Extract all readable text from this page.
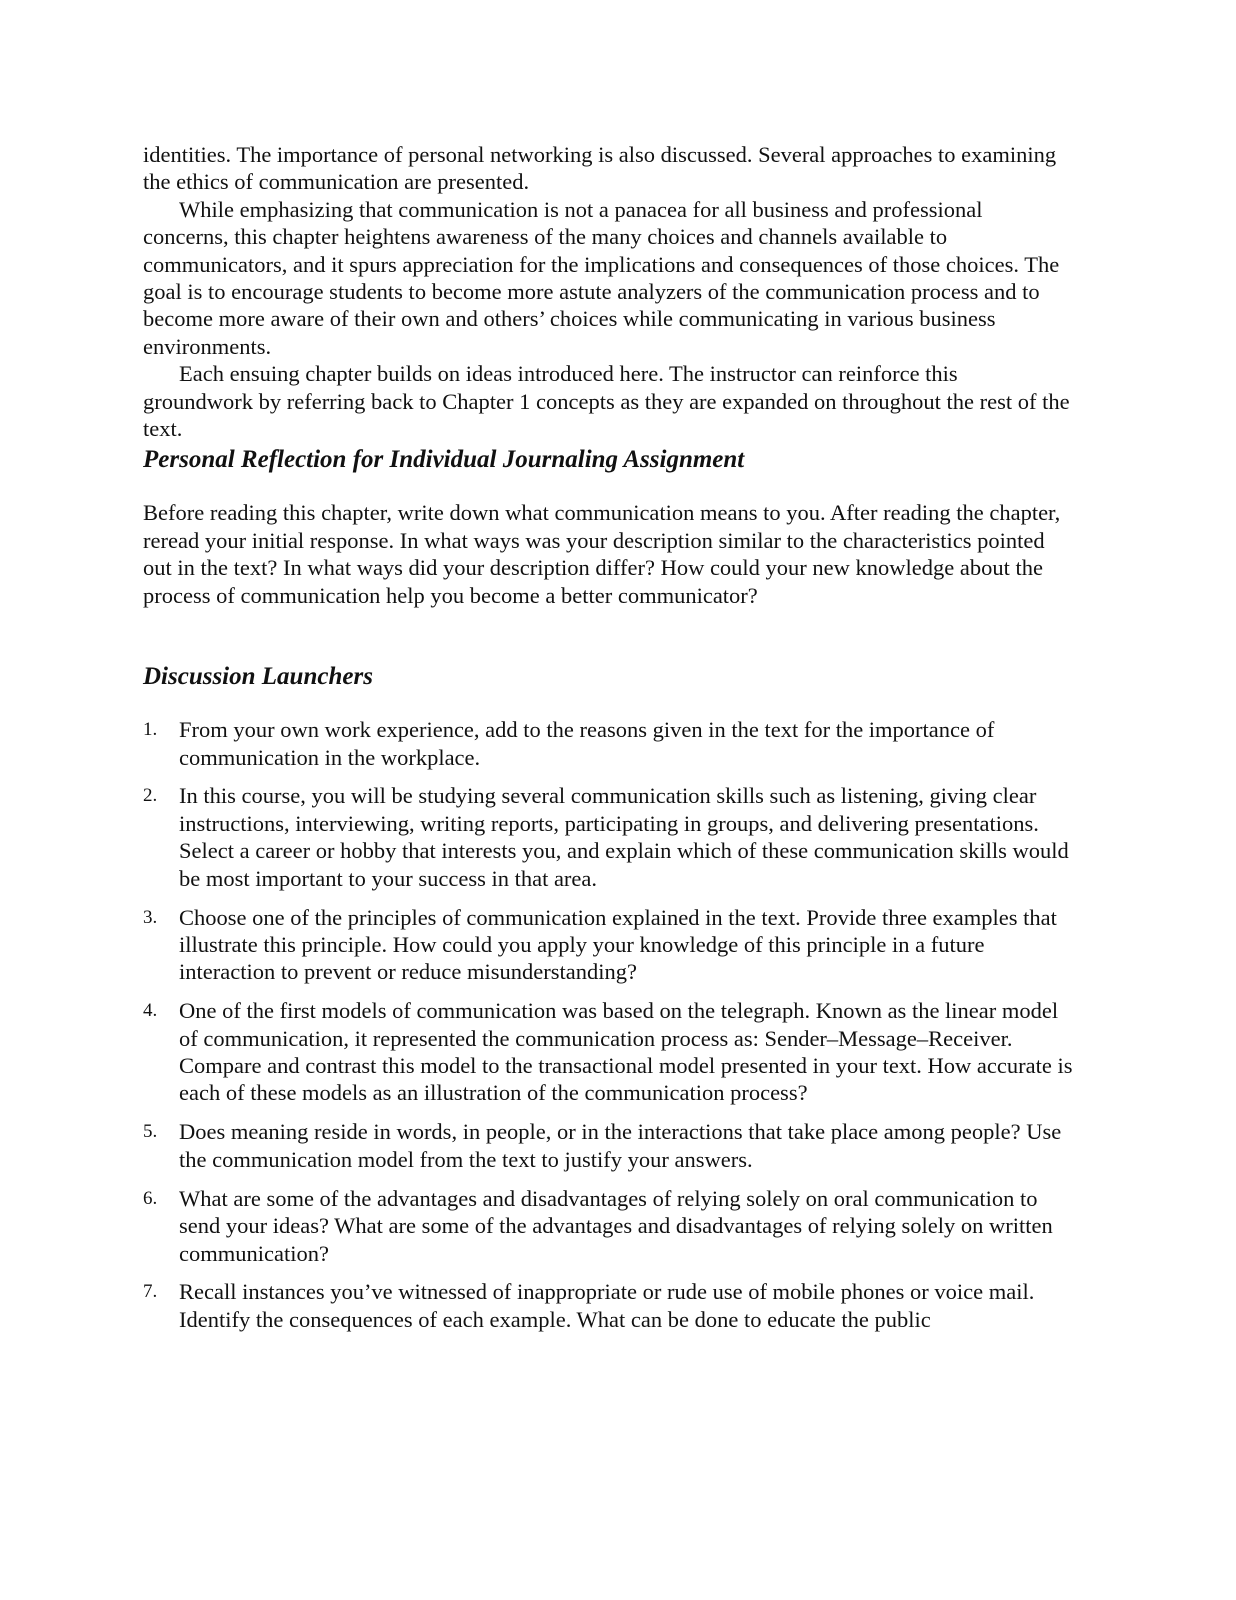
identities. The importance of personal networking is also discussed. Several approaches to examining the ethics of communication are presented.

While emphasizing that communication is not a panacea for all business and professional concerns, this chapter heightens awareness of the many choices and channels available to communicators, and it spurs appreciation for the implications and consequences of those choices. The goal is to encourage students to become more astute analyzers of the communication process and to become more aware of their own and others’ choices while communicating in various business environments.

Each ensuing chapter builds on ideas introduced here. The instructor can reinforce this groundwork by referring back to Chapter 1 concepts as they are expanded on throughout the rest of the text.

Personal Reflection for Individual Journaling Assignment

Before reading this chapter, write down what communication means to you. After reading the chapter, reread your initial response. In what ways was your description similar to the characteristics pointed out in the text? In what ways did your description differ? How could your new knowledge about the process of communication help you become a better communicator?

Discussion Launchers
1. From your own work experience, add to the reasons given in the text for the importance of communication in the workplace.
2. In this course, you will be studying several communication skills such as listening, giving clear instructions, interviewing, writing reports, participating in groups, and delivering presentations. Select a career or hobby that interests you, and explain which of these communication skills would be most important to your success in that area.
3. Choose one of the principles of communication explained in the text. Provide three examples that illustrate this principle. How could you apply your knowledge of this principle in a future interaction to prevent or reduce misunderstanding?
4. One of the first models of communication was based on the telegraph. Known as the linear model of communication, it represented the communication process as: Sender–Message–Receiver. Compare and contrast this model to the transactional model presented in your text. How accurate is each of these models as an illustration of the communication process?
5. Does meaning reside in words, in people, or in the interactions that take place among people? Use the communication model from the text to justify your answers.
6. What are some of the advantages and disadvantages of relying solely on oral communication to send your ideas? What are some of the advantages and disadvantages of relying solely on written communication?
7. Recall instances you’ve witnessed of inappropriate or rude use of mobile phones or voice mail. Identify the consequences of each example. What can be done to educate the public
